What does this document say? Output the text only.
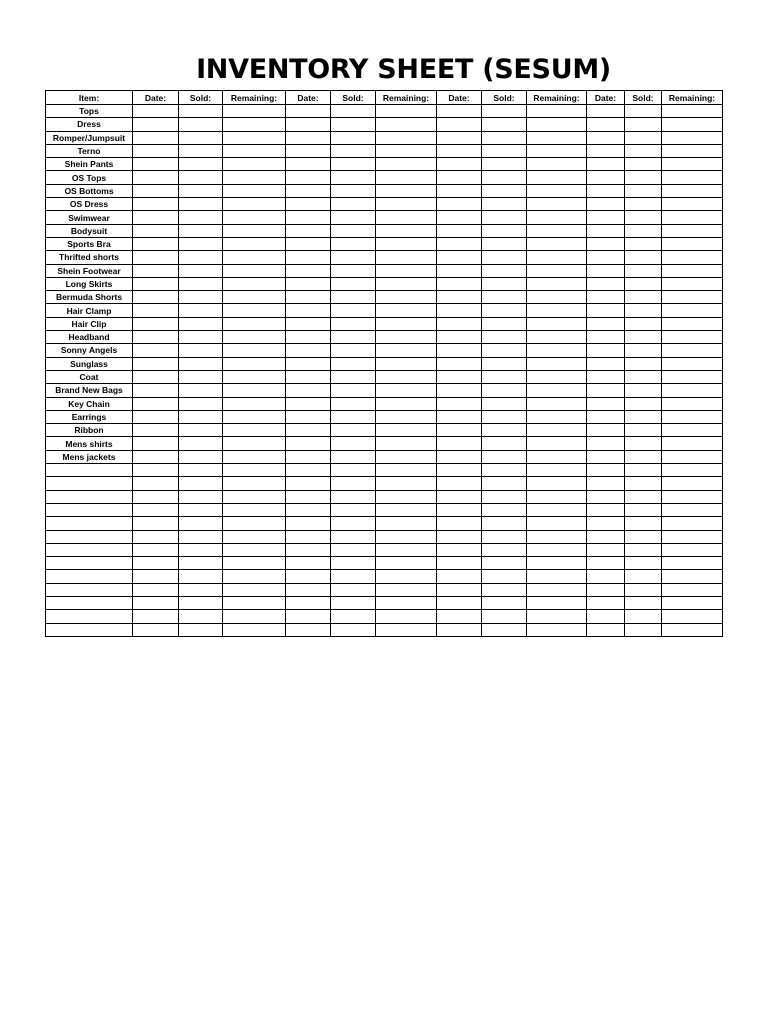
INVENTORY SHEET (SESUM)
Item:	Date:	Sold:	Remaining:	Date:	Sold:	Remaining:	Date:	Sold:	Remaining:	Date:	Sold:	Remaining:
Tops												
Dress												
Romper/Jumpsuit												
Terno												
Shein Pants												
OS Tops												
OS Bottoms												
OS Dress												
Swimwear												
Bodysuit												
Sports Bra												
Thrifted shorts												
Shein Footwear												
Long Skirts												
Bermuda Shorts												
Hair Clamp												
Hair Clip												
Headband												
Sonny Angels												
Sunglass												
Coat												
Brand New Bags												
Key Chain												
Earrings												
Ribbon												
Mens shirts												
Mens jackets												
